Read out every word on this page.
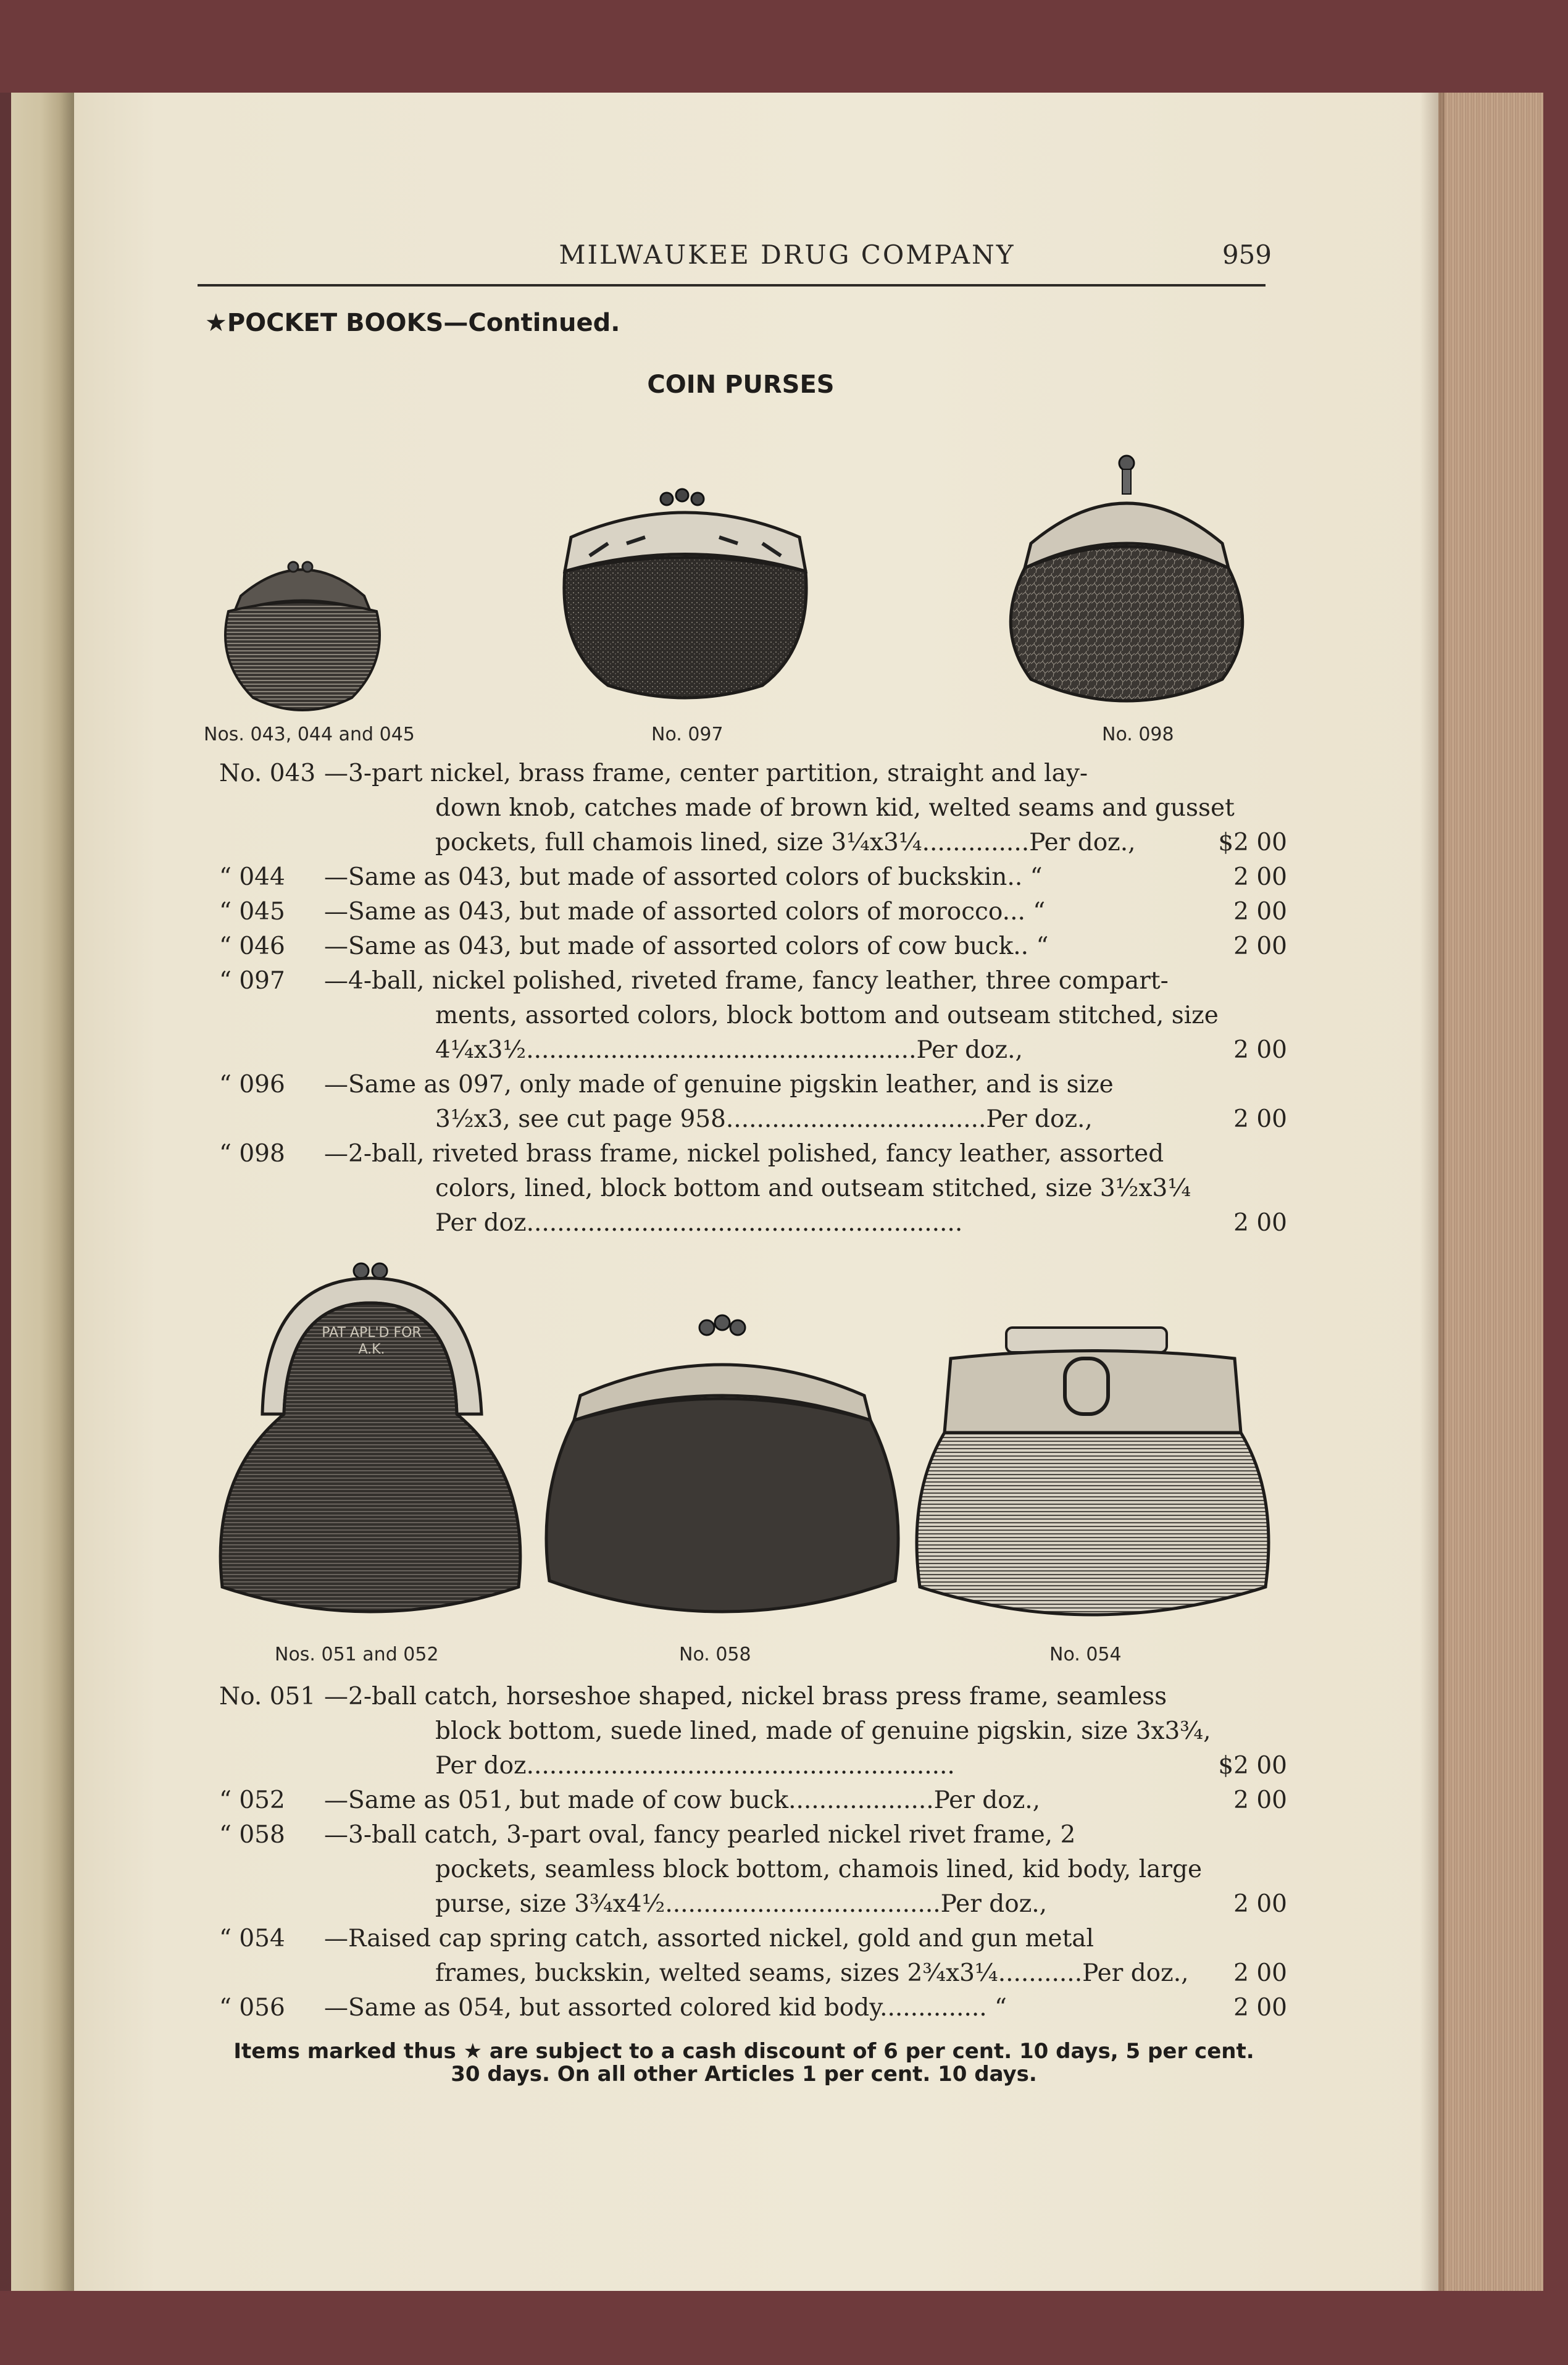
MILWAUKEE DRUG COMPANY	959
★POCKET BOOKS—Continued.
COIN PURSES
Nos. 043, 044 and 045	No. 097	No. 098
No. 043 —3-part nickel, brass frame, center partition, straight and lay-
down knob, catches made of brown kid, welted seams and gusset
pockets, full chamois lined, size 3¼x3¼..............Per doz.,	$2 00
“ 044	—Same as 043, but made of assorted colors of buckskin.. “	2 00
“ 045	—Same as 043, but made of assorted colors of morocco... “	2 00
“ 046	—Same as 043, but made of assorted colors of cow buck.. “	2 00
“ 097	—4-ball, nickel polished, riveted frame, fancy leather, three compart-
ments, assorted colors, block bottom and outseam stitched, size
4¼x3½...................................................Per doz.,	2 00
“ 096	—Same as 097, only made of genuine pigskin leather, and is size
3½x3, see cut page 958..................................Per doz.,	2 00
“ 098	—2-ball, riveted brass frame, nickel polished, fancy leather, assorted
colors, lined, block bottom and outseam stitched, size 3½x3¼
Per doz.........................................................	2 00
PAT APL'D FOR
A.K.
Nos. 051 and 052	No. 058	No. 054
No. 051 —2-ball catch, horseshoe shaped, nickel brass press frame, seamless
block bottom, suede lined, made of genuine pigskin, size 3x3¾,
Per doz........................................................	$2 00
“ 052	—Same as 051, but made of cow buck...................Per doz.,	2 00
“ 058	—3-ball catch, 3-part oval, fancy pearled nickel rivet frame, 2
pockets, seamless block bottom, chamois lined, kid body, large
purse, size 3¾x4½....................................Per doz.,	2 00
“ 054	—Raised cap spring catch, assorted nickel, gold and gun metal
frames, buckskin, welted seams, sizes 2¾x3¼...........Per doz.,	2 00
“ 056	—Same as 054, but assorted colored kid body.............. “	2 00
Items marked thus ★ are subject to a cash discount of 6 per cent. 10 days, 5 per cent.
30 days. On all other Articles 1 per cent. 10 days.
